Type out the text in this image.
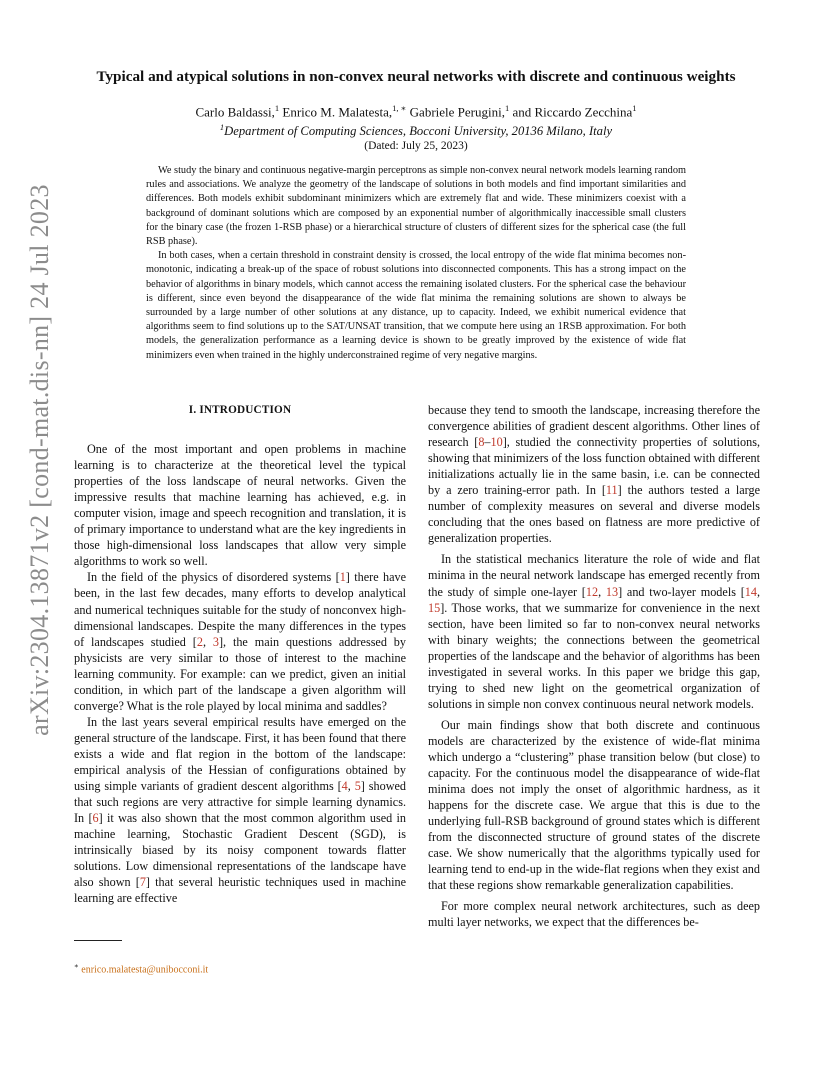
arXiv:2304.13871v2 [cond-mat.dis-nn] 24 Jul 2023
Typical and atypical solutions in non-convex neural networks with discrete and continuous weights
Carlo Baldassi,$^1$ Enrico M. Malatesta,$^{1, ∗}$ Gabriele Perugini,$^1$ and Riccardo Zecchina$^1$
$^1$Department of Computing Sciences, Bocconi University, 20136 Milano, Italy
(Dated: July 25, 2023)

We study the binary and continuous negative-margin perceptrons as simple non-convex neural network models learning random rules and associations. We analyze the geometry of the landscape of solutions in both models and find important similarities and differences. Both models exhibit subdominant minimizers which are extremely flat and wide. These minimizers coexist with a background of dominant solutions which are composed by an exponential number of algorithmically inaccessible small clusters for the binary case (the frozen 1-RSB phase) or a hierarchical structure of clusters of different sizes for the spherical case (the full RSB phase).

In both cases, when a certain threshold in constraint density is crossed, the local entropy of the wide flat minima becomes non-monotonic, indicating a break-up of the space of robust solutions into disconnected components. This has a strong impact on the behavior of algorithms in binary models, which cannot access the remaining isolated clusters. For the spherical case the behaviour is different, since even beyond the disappearance of the wide flat minima the remaining solutions are shown to always be surrounded by a large number of other solutions at any distance, up to capacity. Indeed, we exhibit numerical evidence that algorithms seem to find solutions up to the SAT/UNSAT transition, that we compute here using an 1RSB approximation. For both models, the generalization performance as a learning device is shown to be greatly improved by the existence of wide flat minimizers even when trained in the highly underconstrained regime of very negative margins.

I. INTRODUCTION

One of the most important and open problems in machine learning is to characterize at the theoretical level the typical properties of the loss landscape of neural networks. Given the impressive results that machine learning has achieved, e.g. in computer vision, image and speech recognition and translation, it is of primary importance to understand what are the key ingredients in those high-dimensional loss landscapes that allow very simple algorithms to work so well.

In the field of the physics of disordered systems [1] there have been, in the last few decades, many efforts to develop analytical and numerical techniques suitable for the study of nonconvex high-dimensional landscapes. Despite the many differences in the types of landscapes studied [2, 3], the main questions addressed by physicists are very similar to those of interest to the machine learning community. For example: can we predict, given an initial condition, in which part of the landscape a given algorithm will converge? What is the role played by local minima and saddles?

In the last years several empirical results have emerged on the general structure of the landscape. First, it has been found that there exists a wide and flat region in the bottom of the landscape: empirical analysis of the Hessian of configurations obtained by using simple variants of gradient descent algorithms [4, 5] showed that such regions are very attractive for simple learning dynamics. In [6] it was also shown that the most common algorithm used in machine learning, Stochastic Gradient Descent (SGD), is intrinsically biased by its noisy component towards flatter solutions. Low dimensional representations of the landscape have also shown [7] that several heuristic techniques used in machine learning are effective

because they tend to smooth the landscape, increasing therefore the convergence abilities of gradient descent algorithms. Other lines of research [8–10], studied the connectivity properties of solutions, showing that minimizers of the loss function obtained with different initializations actually lie in the same basin, i.e. can be connected by a zero training-error path. In [11] the authors tested a large number of complexity measures on several and diverse models concluding that the ones based on flatness are more predictive of generalization properties.

In the statistical mechanics literature the role of wide and flat minima in the neural network landscape has emerged recently from the study of simple one-layer [12, 13] and two-layer models [14, 15]. Those works, that we summarize for convenience in the next section, have been limited so far to non-convex neural networks with binary weights; the connections between the geometrical properties of the landscape and the behavior of algorithms has been investigated in several works. In this paper we bridge this gap, trying to shed new light on the geometrical organization of solutions in simple non convex continuous neural network models.

Our main findings show that both discrete and continuous models are characterized by the existence of wide-flat minima which undergo a “clustering” phase transition below (but close) to capacity. For the continuous model the disappearance of wide-flat minima does not imply the onset of algorithmic hardness, as it happens for the discrete case. We argue that this is due to the underlying full-RSB background of ground states which is different from the disconnected structure of ground states of the discrete case. We show numerically that the algorithms typically used for learning tend to end-up in the wide-flat regions when they exist and that these regions show remarkable generalization capabilities.

For more complex neural network architectures, such as deep multi layer networks, we expect that the differences be-

∗ enrico.malatesta@unibocconi.it
